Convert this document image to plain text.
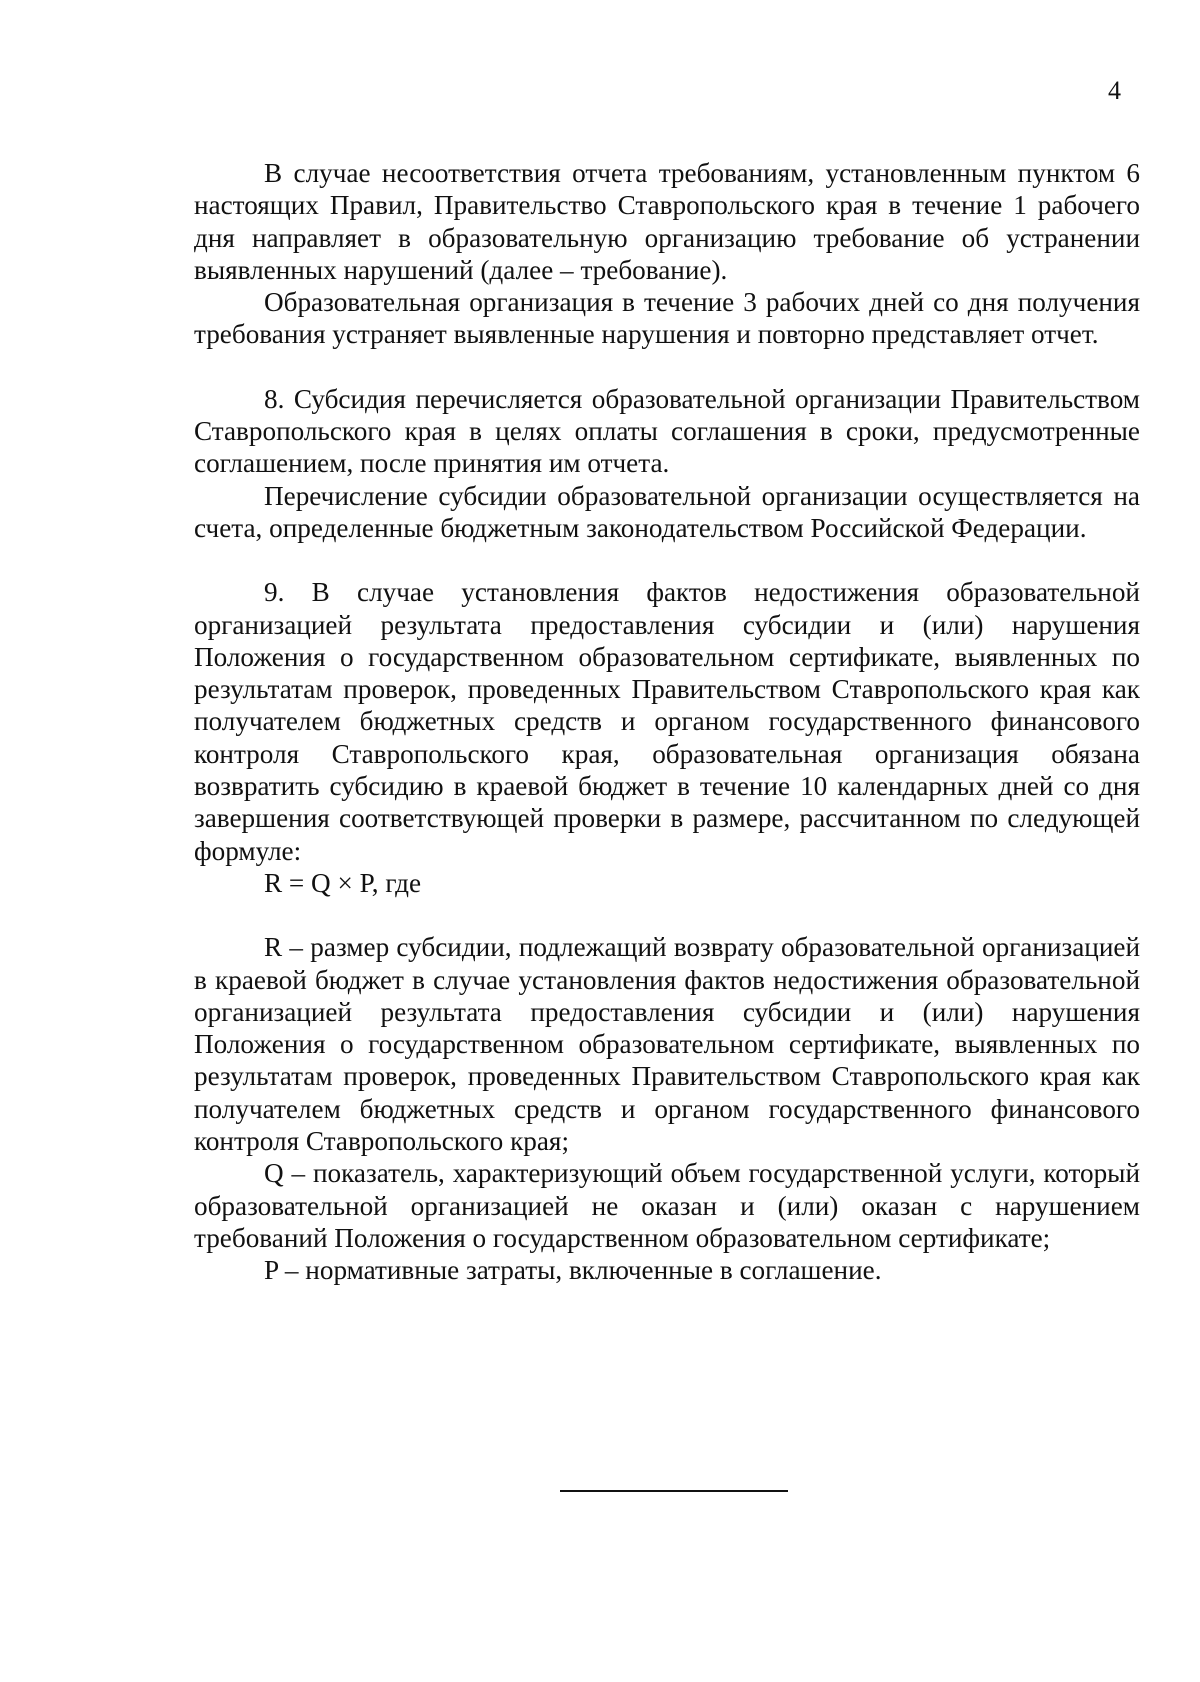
4

В случае несоответствия отчета требованиям, установленным пунктом 6 настоящих Правил, Правительство Ставропольского края в течение 1 рабочего дня направляет в образовательную организацию требование об устранении выявленных нарушений (далее – требование).

Образовательная организация в течение 3 рабочих дней со дня получения требования устраняет выявленные нарушения и повторно представляет отчет.

8. Субсидия перечисляется образовательной организации Правительством Ставропольского края в целях оплаты соглашения в сроки, предусмотренные соглашением, после принятия им отчета.

Перечисление субсидии образовательной организации осуществляется на счета, определенные бюджетным законодательством Российской Федерации.

9. В случае установления фактов недостижения образовательной организацией результата предоставления субсидии и (или) нарушения Положения о государственном образовательном сертификате, выявленных по результатам проверок, проведенных Правительством Ставропольского края как получателем бюджетных средств и органом государственного финансового контроля Ставропольского края, образовательная организация обязана возвратить субсидию в краевой бюджет в течение 10 календарных дней со дня завершения соответствующей проверки в размере, рассчитанном по следующей формуле:

R = Q × P, где

R – размер субсидии, подлежащий возврату образовательной организацией в краевой бюджет в случае установления фактов недостижения образовательной организацией результата предоставления субсидии и (или) нарушения Положения о государственном образовательном сертификате, выявленных по результатам проверок, проведенных Правительством Ставропольского края как получателем бюджетных средств и органом государственного финансового контроля Ставропольского края;

Q – показатель, характеризующий объем государственной услуги, который образовательной организацией не оказан и (или) оказан с нарушением требований Положения о государственном образовательном сертификате;

P – нормативные затраты, включенные в соглашение.
